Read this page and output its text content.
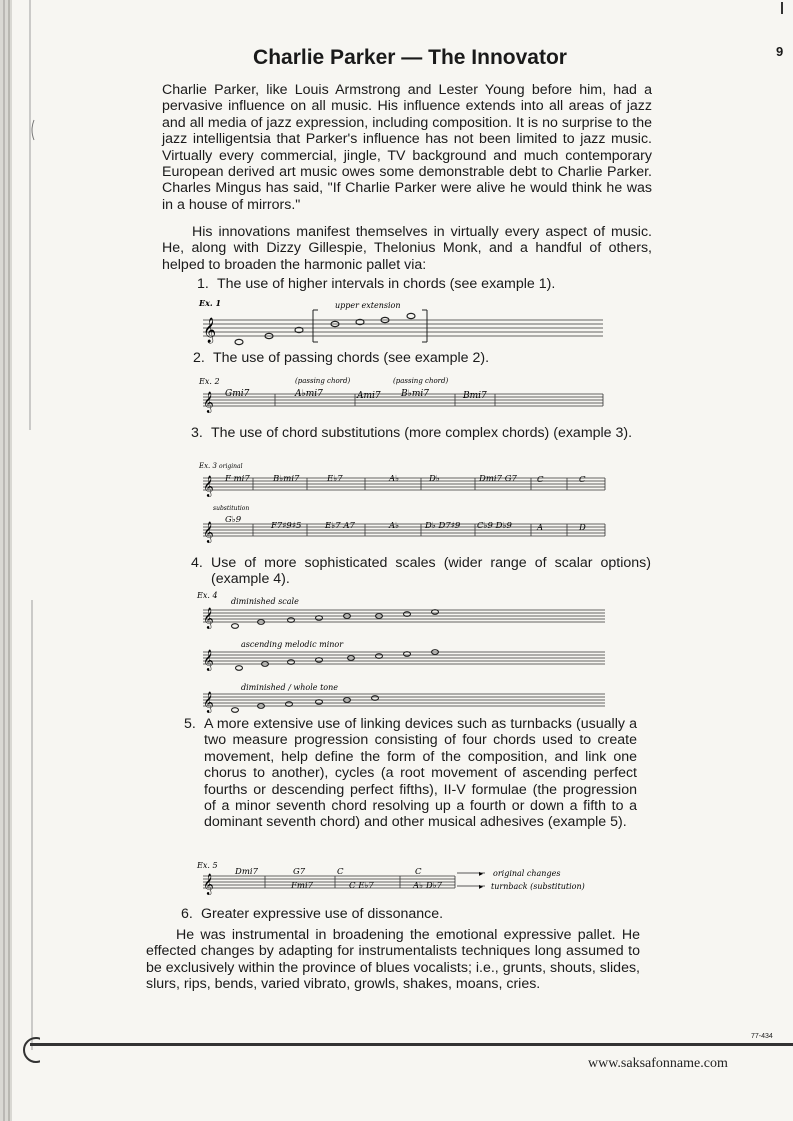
9
Charlie Parker — The Innovator

Charlie Parker, like Louis Armstrong and Lester Young before him, had a pervasive influence on all music. His influence extends into all areas of jazz and all media of jazz expression, including composition. It is no surprise to the jazz intelligentsia that Parker's influence has not been limited to jazz music. Virtually every commercial, jingle, TV background and much contemporary European derived art music owes some demonstrable debt to Charlie Parker. Charles Mingus has said, "If Charlie Parker were alive he would think he was in a house of mirrors."

His innovations manifest themselves in virtually every aspect of music. He, along with Dizzy Gillespie, Thelonius Monk, and a handful of others, helped to broaden the harmonic pallet via:

1. The use of higher intervals in chords (see example 1).
Ex. 1	upper extension
𝄞
2. The use of passing chords (see example 2).
Ex. 2	(passing chord)	(passing chord)
𝄞 Gmi7	A♭mi7	Ami7 B♭mi7	Bmi7
3. The use of chord substitutions (more complex chords) (example 3).
Ex. 3 original
substitution
𝄞
𝄞
F mi7	B♭mi7	E♭7	A♭	D♭	Dmi7 G7 C	C
G♭9
F7♯9♯5	E♭7 A7	A♭	D♭ D7♯9 C♭9 D♭9	A	D
4. Use of more sophisticated scales (wider range of scalar options) (example 4).
Ex. 4
diminished scale
ascending melodic minor
diminished / whole tone
𝄞
𝄞
𝄞
5. A more extensive use of linking devices such as turnbacks (usually a two measure progression consisting of four chords used to create movement, help define the form of the composition, and link one chorus to another), cycles (a root movement of ascending perfect fourths or descending perfect fifths), II-V formulae (the progression of a minor seventh chord resolving up a fourth or down a fifth to a dominant seventh chord) and other musical adhesives (example 5).
Ex. 5
𝄞
Dmi7	G7	C	C
Fmi7	C E♭7	A♭ D♭7
▸
▸
original changes
turnback (substitution)
6. Greater expressive use of dissonance.

He was instrumental in broadening the emotional expressive pallet. He effected changes by adapting for instrumentalists techniques long assumed to be exclusively within the province of blues vocalists; i.e., grunts, shouts, slides, slurs, rips, bends, varied vibrato, growls, shakes, moans, cries.

77-434
www.saksafonname.com
